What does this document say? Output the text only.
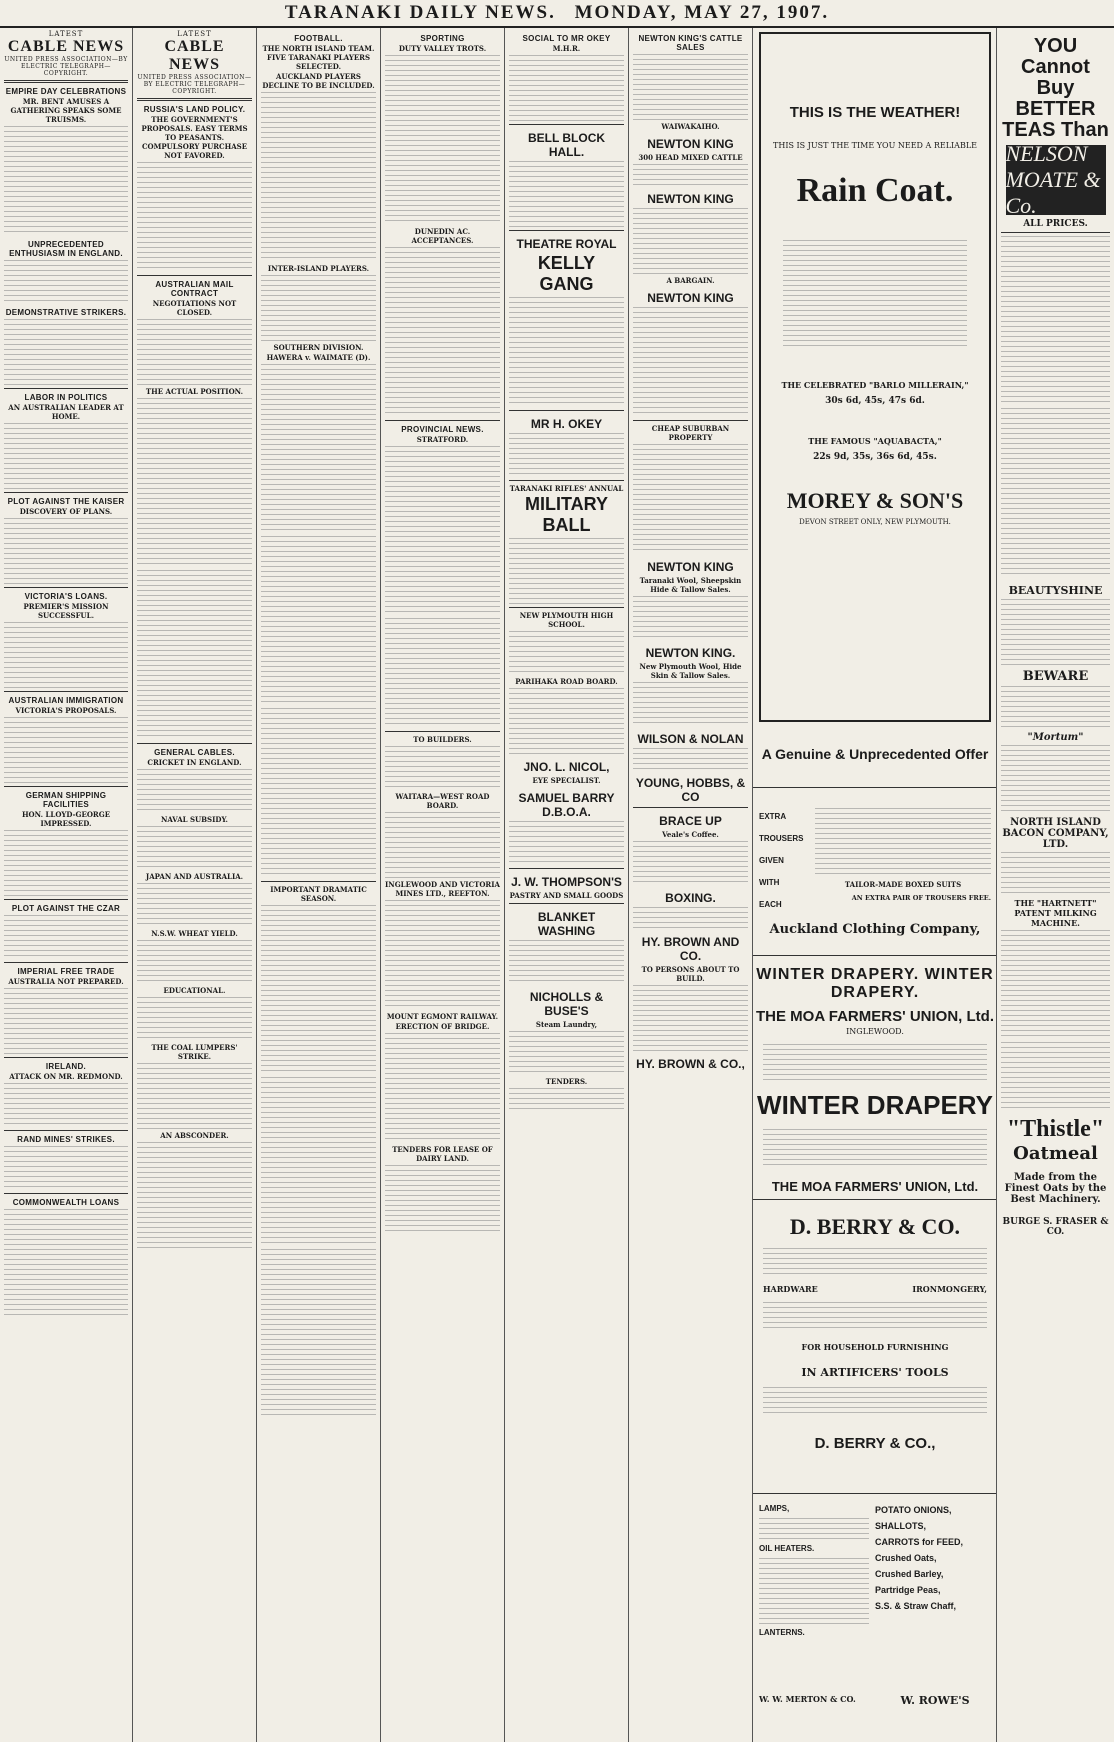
TARANAKI DAILY NEWS. MONDAY, MAY 27, 1907.
LATEST
CABLE NEWS
UNITED PRESS ASSOCIATION—BY ELECTRIC TELEGRAPH—COPYRIGHT.
EMPIRE DAY CELEBRATIONS
MR. BENT AMUSES A GATHERING SPEAKS SOME TRUISMS.
UNPRECEDENTED ENTHUSIASM IN ENGLAND.
DEMONSTRATIVE STRIKERS.
LABOR IN POLITICS
AN AUSTRALIAN LEADER AT HOME.
PLOT AGAINST THE KAISER
DISCOVERY OF PLANS.
VICTORIA'S LOANS.
PREMIER'S MISSION SUCCESSFUL.
AUSTRALIAN IMMIGRATION
VICTORIA'S PROPOSALS.
GERMAN SHIPPING FACILITIES
HON. LLOYD-GEORGE IMPRESSED.
PLOT AGAINST THE CZAR
IMPERIAL FREE TRADE
AUSTRALIA NOT PREPARED.
IRELAND.
ATTACK ON MR. REDMOND.
RAND MINES' STRIKES.
COMMONWEALTH LOANS
LATEST
CABLE NEWS
UNITED PRESS ASSOCIATION—BY ELECTRIC TELEGRAPH—COPYRIGHT.
RUSSIA'S LAND POLICY.
THE GOVERNMENT'S PROPOSALS. EASY TERMS TO PEASANTS. COMPULSORY PURCHASE NOT FAVORED.
AUSTRALIAN MAIL CONTRACT
NEGOTIATIONS NOT CLOSED.
THE ACTUAL POSITION.
GENERAL CABLES.
CRICKET IN ENGLAND.
NAVAL SUBSIDY.
JAPAN AND AUSTRALIA.
N.S.W. WHEAT YIELD.
EDUCATIONAL.
THE COAL LUMPERS' STRIKE.
AN ABSCONDER.
FOOTBALL.
THE NORTH ISLAND TEAM. FIVE TARANAKI PLAYERS SELECTED.
AUCKLAND PLAYERS DECLINE TO BE INCLUDED.
INTER-ISLAND PLAYERS.
SOUTHERN DIVISION.
HAWERA v. WAIMATE (D).
IMPORTANT DRAMATIC SEASON.
SPORTING
DUTY VALLEY TROTS.
DUNEDIN AC. ACCEPTANCES.
PROVINCIAL NEWS.
STRATFORD.
TO BUILDERS.
WAITARA—WEST ROAD BOARD.
INGLEWOOD AND VICTORIA MINES LTD., REEFTON.
MOUNT EGMONT RAILWAY.
ERECTION OF BRIDGE.
TENDERS FOR LEASE OF DAIRY LAND.
SOCIAL TO MR OKEY
M.H.R.
BELL BLOCK HALL.
THEATRE ROYAL
KELLY GANG
MR H. OKEY
TARANAKI RIFLES' ANNUAL
MILITARY BALL
NEW PLYMOUTH HIGH SCHOOL.
PARIHAKA ROAD BOARD.
JNO. L. NICOL,
EYE SPECIALIST.
SAMUEL BARRY D.B.O.A.
J. W. THOMPSON'S
PASTRY AND SMALL GOODS
BLANKET WASHING
NICHOLLS & BUSE'S
Steam Laundry,
TENDERS.
NEWTON KING'S CATTLE SALES
WAIWAKAIHO.
NEWTON KING
300 HEAD MIXED CATTLE
NEWTON KING
A BARGAIN.
NEWTON KING
CHEAP SUBURBAN PROPERTY
NEWTON KING
Taranaki Wool, Sheepskin Hide & Tallow Sales.
NEWTON KING.
New Plymouth Wool, Hide Skin & Tallow Sales.
WILSON & NOLAN
YOUNG, HOBBS, & CO
BRACE UP
Veale's Coffee.
BOXING.
HY. BROWN AND CO.
TO PERSONS ABOUT TO BUILD.
HY. BROWN & CO.,
THIS IS THE WEATHER!
THIS IS JUST THE TIME YOU NEED A RELIABLE
Rain Coat.
THE CELEBRATED "BARLO MILLERAIN,"
30s 6d, 45s, 47s 6d.
THE FAMOUS "AQUABACTA,"
22s 9d, 35s, 36s 6d, 45s.
MOREY & SON'S
DEVON STREET ONLY, NEW PLYMOUTH.
A Genuine & Unprecedented Offer
EXTRA
TROUSERS
GIVEN
WITH
EACH
TAILOR-MADE BOXED SUITS
AN EXTRA PAIR OF TROUSERS FREE.
Auckland Clothing Company,
WINTER DRAPERY. WINTER DRAPERY.
THE MOA FARMERS' UNION, Ltd.
INGLEWOOD.
WINTER DRAPERY
THE MOA FARMERS' UNION, Ltd.
D. BERRY & CO.
HARDWARE	IRONMONGERY,
FOR HOUSEHOLD FURNISHING
IN ARTIFICERS' TOOLS
D. BERRY & CO.,
LAMPS,
OIL HEATERS.
LANTERNS.
POTATO ONIONS,
SHALLOTS,
CARROTS for FEED,
Crushed Oats,
Crushed Barley,
Partridge Peas,
S.S. & Straw Chaff,
W. W. MERTON & CO.	W. ROWE'S
YOU Cannot Buy BETTER TEAS Than
NELSON MOATE & Co.
ALL PRICES.
BEAUTYSHINE
BEWARE
"Mortum"
NORTH ISLAND BACON COMPANY, LTD.
THE "HARTNETT" PATENT MILKING MACHINE.
"Thistle"
Oatmeal
Made from the Finest Oats by the Best Machinery.
BURGE S. FRASER & CO.
